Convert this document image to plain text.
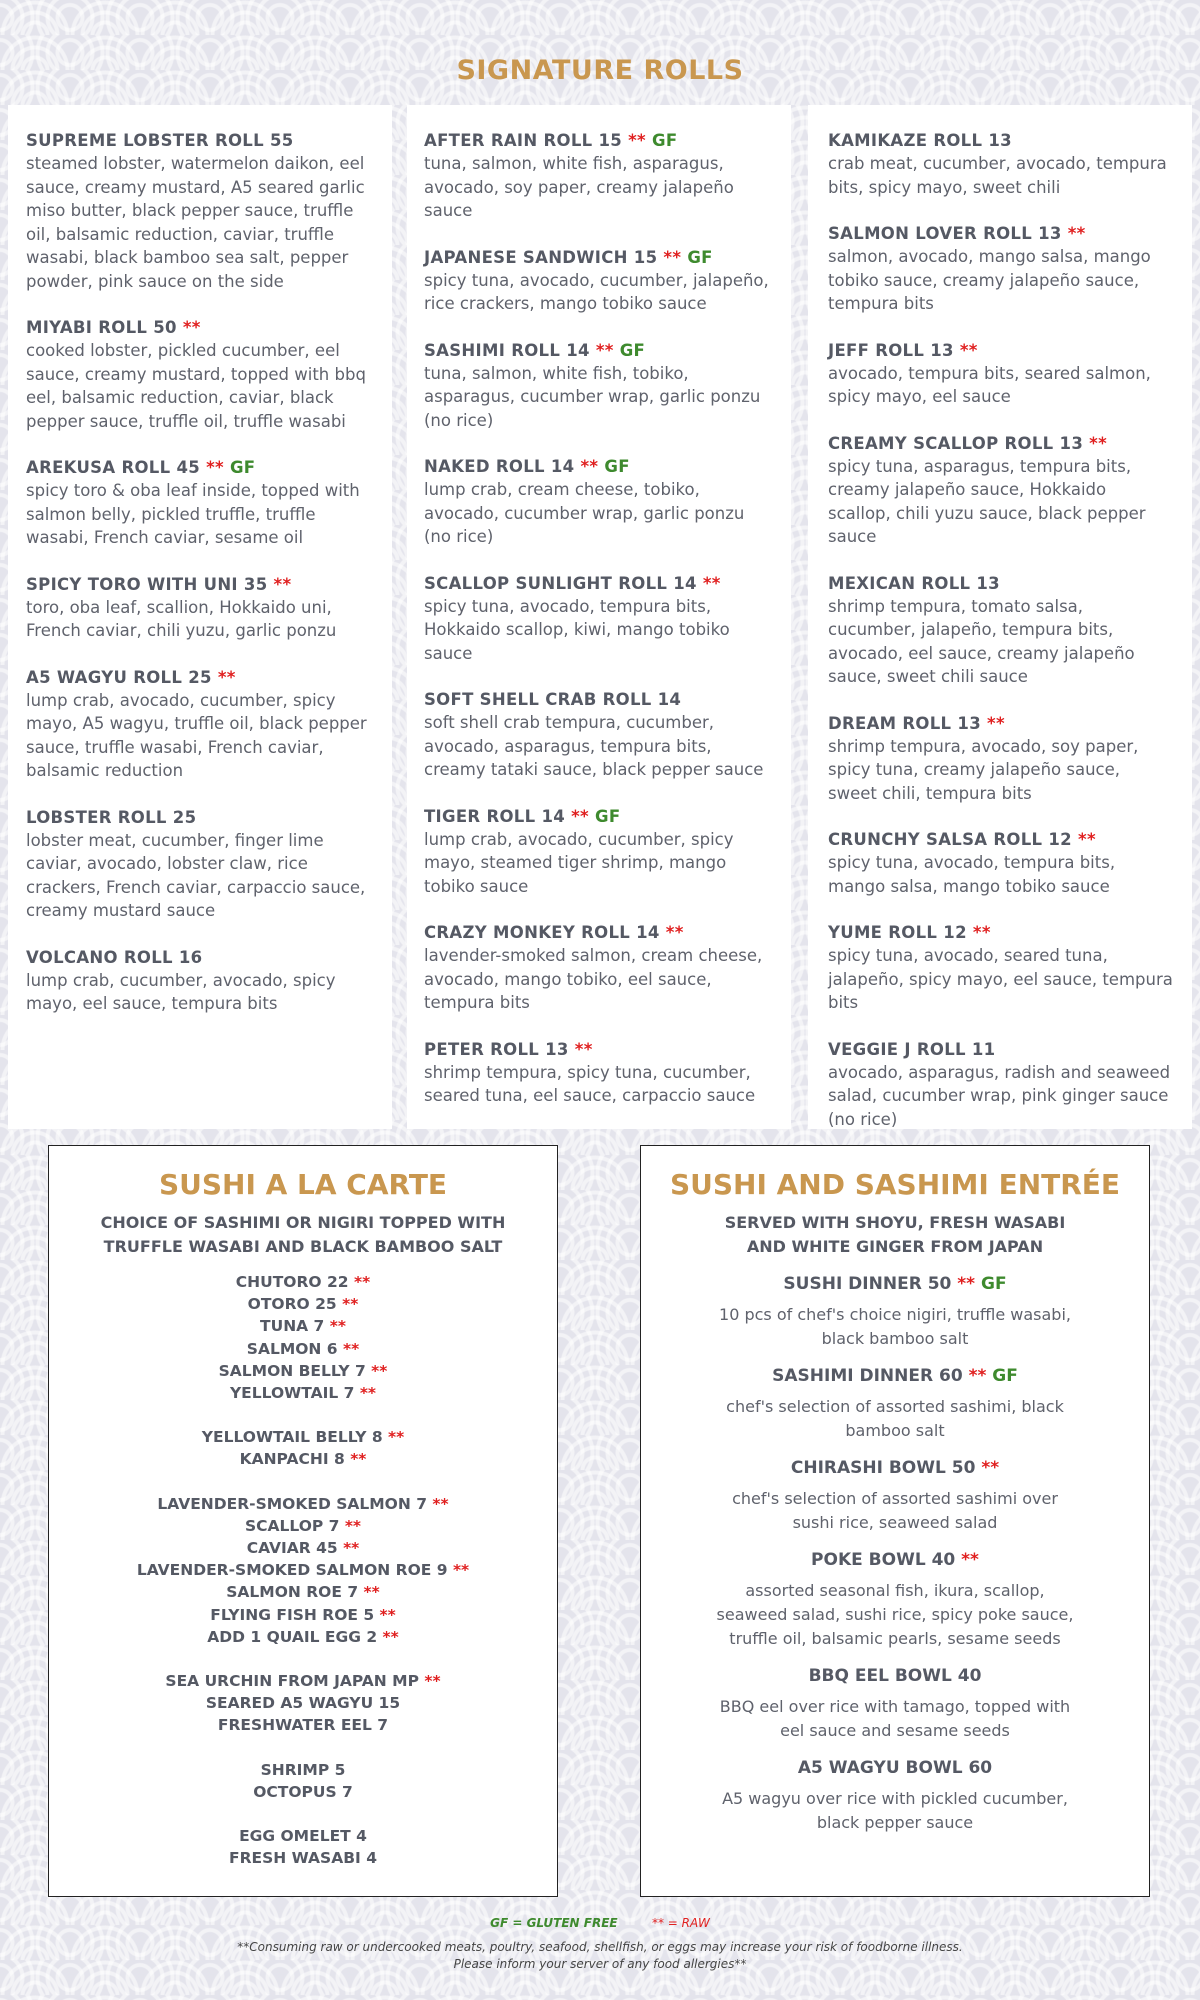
SIGNATURE ROLLS
SUPREME LOBSTER ROLL 55
steamed lobster, watermelon daikon, eel sauce, creamy mustard, A5 seared garlic miso butter, black pepper sauce, truffle oil, balsamic reduction, caviar, truffle wasabi, black bamboo sea salt, pepper powder, pink sauce on the side
MIYABI ROLL 50 **
cooked lobster, pickled cucumber, eel sauce, creamy mustard, topped with bbq eel, balsamic reduction, caviar, black pepper sauce, truffle oil, truffle wasabi
AREKUSA ROLL 45 ** GF
spicy toro & oba leaf inside, topped with salmon belly, pickled truffle, truffle wasabi, French caviar, sesame oil
SPICY TORO WITH UNI 35 **
toro, oba leaf, scallion, Hokkaido uni, French caviar, chili yuzu, garlic ponzu
A5 WAGYU ROLL 25 **
lump crab, avocado, cucumber, spicy mayo, A5 wagyu, truffle oil, black pepper sauce, truffle wasabi, French caviar, balsamic reduction
LOBSTER ROLL 25
lobster meat, cucumber, finger lime caviar, avocado, lobster claw, rice crackers, French caviar, carpaccio sauce, creamy mustard sauce
VOLCANO ROLL 16
lump crab, cucumber, avocado, spicy mayo, eel sauce, tempura bits
AFTER RAIN ROLL 15 ** GF
tuna, salmon, white fish, asparagus, avocado, soy paper, creamy jalapeño sauce
JAPANESE SANDWICH 15 ** GF
spicy tuna, avocado, cucumber, jalapeño, rice crackers, mango tobiko sauce
SASHIMI ROLL 14 ** GF
tuna, salmon, white fish, tobiko, asparagus, cucumber wrap, garlic ponzu (no rice)
NAKED ROLL 14 ** GF
lump crab, cream cheese, tobiko, avocado, cucumber wrap, garlic ponzu (no rice)
SCALLOP SUNLIGHT ROLL 14 **
spicy tuna, avocado, tempura bits, Hokkaido scallop, kiwi, mango tobiko sauce
SOFT SHELL CRAB ROLL 14
soft shell crab tempura, cucumber, avocado, asparagus, tempura bits, creamy tataki sauce, black pepper sauce
TIGER ROLL 14 ** GF
lump crab, avocado, cucumber, spicy mayo, steamed tiger shrimp, mango tobiko sauce
CRAZY MONKEY ROLL 14 **
lavender-smoked salmon, cream cheese, avocado, mango tobiko, eel sauce, tempura bits
PETER ROLL 13 **
shrimp tempura, spicy tuna, cucumber, seared tuna, eel sauce, carpaccio sauce
KAMIKAZE ROLL 13
crab meat, cucumber, avocado, tempura bits, spicy mayo, sweet chili
SALMON LOVER ROLL 13 **
salmon, avocado, mango salsa, mango tobiko sauce, creamy jalapeño sauce, tempura bits
JEFF ROLL 13 **
avocado, tempura bits, seared salmon, spicy mayo, eel sauce
CREAMY SCALLOP ROLL 13 **
spicy tuna, asparagus, tempura bits, creamy jalapeño sauce, Hokkaido scallop, chili yuzu sauce, black pepper sauce
MEXICAN ROLL 13
shrimp tempura, tomato salsa, cucumber, jalapeño, tempura bits, avocado, eel sauce, creamy jalapeño sauce, sweet chili sauce
DREAM ROLL 13 **
shrimp tempura, avocado, soy paper, spicy tuna, creamy jalapeño sauce, sweet chili, tempura bits
CRUNCHY SALSA ROLL 12 **
spicy tuna, avocado, tempura bits, mango salsa, mango tobiko sauce
YUME ROLL 12 **
spicy tuna, avocado, seared tuna, jalapeño, spicy mayo, eel sauce, tempura bits
VEGGIE J ROLL 11
avocado, asparagus, radish and seaweed salad, cucumber wrap, pink ginger sauce (no rice)
SUSHI A LA CARTE
CHOICE OF SASHIMI OR NIGIRI TOPPED WITH
TRUFFLE WASABI AND BLACK BAMBOO SALT
CHUTORO 22 **
OTORO 25 **
TUNA 7 **
SALMON 6 **
SALMON BELLY 7 **
YELLOWTAIL 7 **
YELLOWTAIL BELLY 8 **
KANPACHI 8 **
LAVENDER-SMOKED SALMON 7 **
SCALLOP 7 **
CAVIAR 45 **
LAVENDER-SMOKED SALMON ROE 9 **
SALMON ROE 7 **
FLYING FISH ROE 5 **
ADD 1 QUAIL EGG 2 **
SEA URCHIN FROM JAPAN MP **
SEARED A5 WAGYU 15
FRESHWATER EEL 7
SHRIMP 5
OCTOPUS 7
EGG OMELET 4
FRESH WASABI 4
SUSHI AND SASHIMI ENTRÉE
SERVED WITH SHOYU, FRESH WASABI
AND WHITE GINGER FROM JAPAN
SUSHI DINNER 50 ** GF
10 pcs of chef's choice nigiri, truffle wasabi, black bamboo salt
SASHIMI DINNER 60 ** GF
chef's selection of assorted sashimi, black bamboo salt
CHIRASHI BOWL 50 **
chef's selection of assorted sashimi over sushi rice, seaweed salad
POKE BOWL 40 **
assorted seasonal fish, ikura, scallop, seaweed salad, sushi rice, spicy poke sauce, truffle oil, balsamic pearls, sesame seeds
BBQ EEL BOWL 40
BBQ eel over rice with tamago, topped with eel sauce and sesame seeds
A5 WAGYU BOWL 60
A5 wagyu over rice with pickled cucumber, black pepper sauce
GF = GLUTEN FREE	** = RAW
**Consuming raw or undercooked meats, poultry, seafood, shellfish, or eggs may increase your risk of foodborne illness.
Please inform your server of any food allergies**
